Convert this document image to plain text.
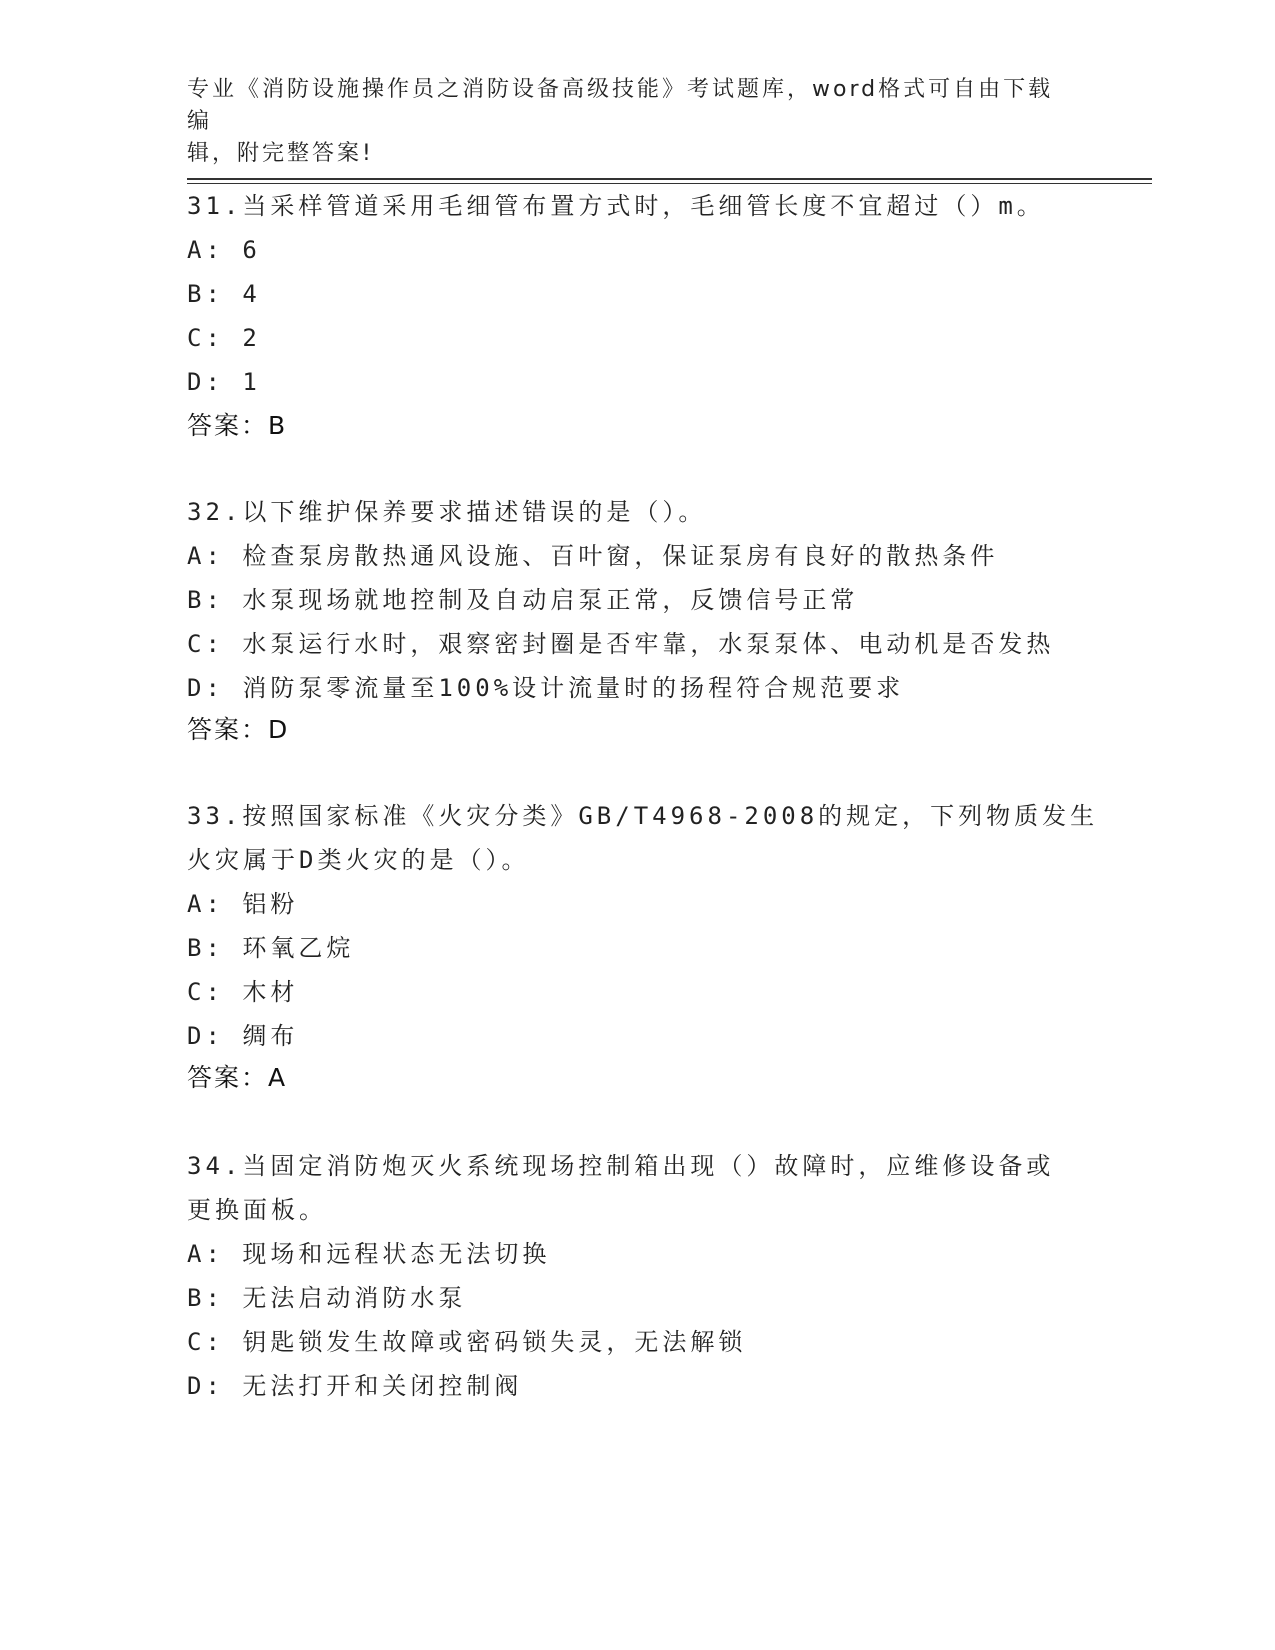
专业《消防设施操作员之消防设备高级技能》考试题库，word格式可自由下载编
辑，附完整答案!
31.当采样管道采用毛细管布置方式时，毛细管长度不宜超过（）m。
A: 6
B: 4
C: 2
D: 1
答案：B
32.以下维护保养要求描述错误的是（）。
A: 检查泵房散热通风设施、百叶窗，保证泵房有良好的散热条件
B: 水泵现场就地控制及自动启泵正常，反馈信号正常
C: 水泵运行水时，艰察密封圈是否牢靠，水泵泵体、电动机是否发热
D: 消防泵零流量至100%设计流量时的扬程符合规范要求
答案：D
33.按照国家标准《火灾分类》GB/T4968-2008的规定，下列物质发生
火灾属于D类火灾的是（）。
A: 铝粉
B: 环氧乙烷
C: 木材
D: 绸布
答案：A
34.当固定消防炮灭火系统现场控制箱出现（）故障时，应维修设备或
更换面板。
A: 现场和远程状态无法切换
B: 无法启动消防水泵
C: 钥匙锁发生故障或密码锁失灵，无法解锁
D: 无法打开和关闭控制阀
